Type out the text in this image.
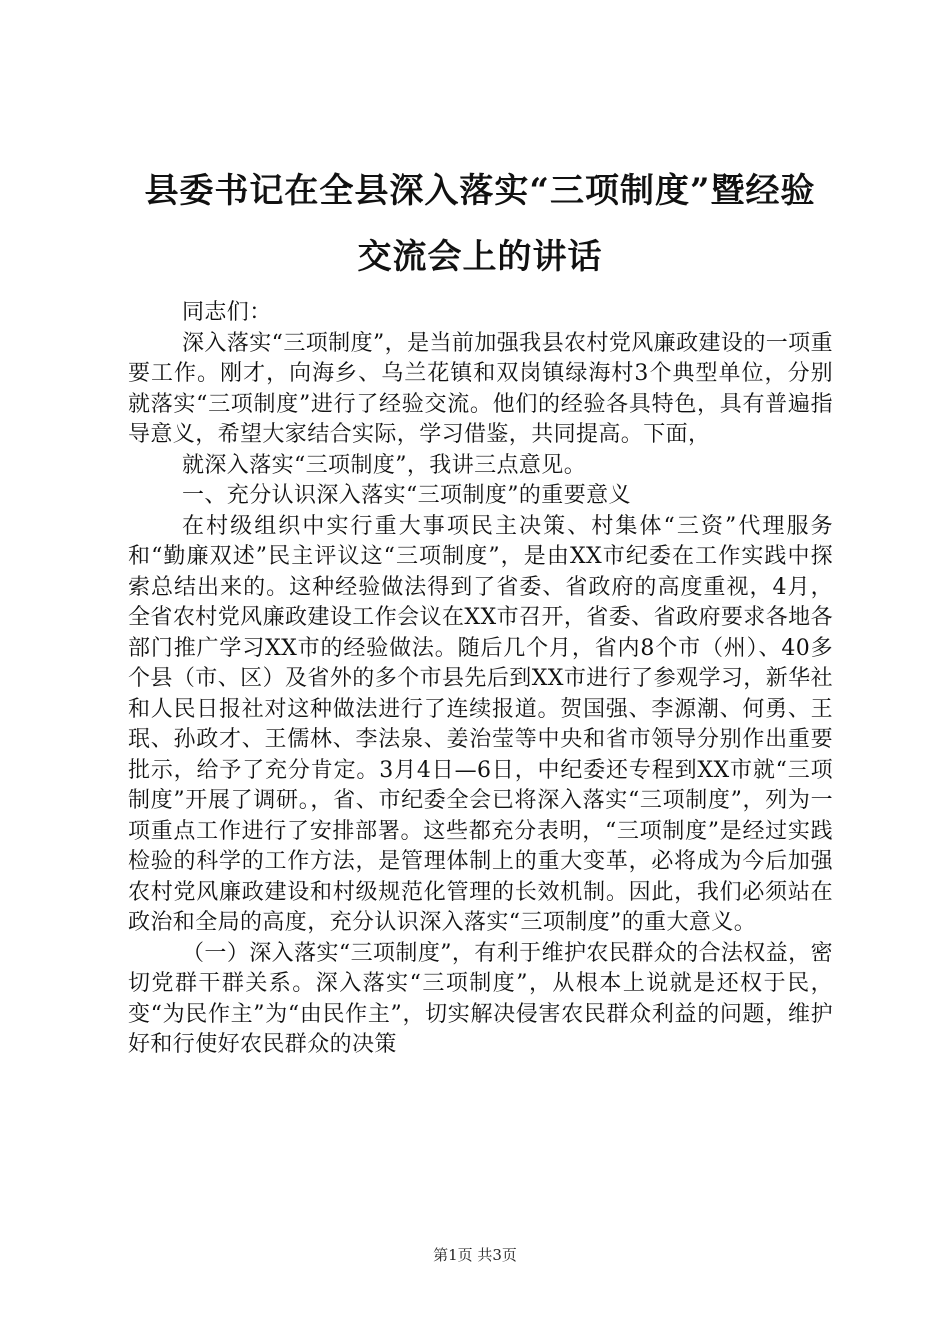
县委书记在全县深入落实“三项制度”暨经验
交流会上的讲话

同志们：

深入落实“三项制度”，是当前加强我县农村党风廉政建设的一项重要工作。刚才，向海乡、乌兰花镇和双岗镇绿海村3个典型单位，分别就落实“三项制度”进行了经验交流。他们的经验各具特色，具有普遍指导意义，希望大家结合实际，学习借鉴，共同提高。下面，

就深入落实“三项制度”，我讲三点意见。

一、充分认识深入落实“三项制度”的重要意义

在村级组织中实行重大事项民主决策、村集体“三资”代理服务和“勤廉双述”民主评议这“三项制度”，是由XX市纪委在工作实践中探索总结出来的。这种经验做法得到了省委、省政府的高度重视，4月，全省农村党风廉政建设工作会议在XX市召开，省委、省政府要求各地各部门推广学习XX市的经验做法。随后几个月，省内8个市（州）、40多个县（市、区）及省外的多个市县先后到XX市进行了参观学习，新华社和人民日报社对这种做法进行了连续报道。贺国强、李源潮、何勇、王珉、孙政才、王儒林、李法泉、姜治莹等中央和省市领导分别作出重要批示，给予了充分肯定。3月4日—6日，中纪委还专程到XX市就“三项制度”开展了调研。，省、市纪委全会已将深入落实“三项制度”，列为一项重点工作进行了安排部署。这些都充分表明，“三项制度”是经过实践检验的科学的工作方法，是管理体制上的重大变革，必将成为今后加强农村党风廉政建设和村级规范化管理的长效机制。因此，我们必须站在政治和全局的高度，充分认识深入落实“三项制度”的重大意义。

（一）深入落实“三项制度”，有利于维护农民群众的合法权益，密切党群干群关系。深入落实“三项制度”，从根本上说就是还权于民，变“为民作主”为“由民作主”，切实解决侵害农民群众利益的问题，维护好和行使好农民群众的决策

第1页 共3页
